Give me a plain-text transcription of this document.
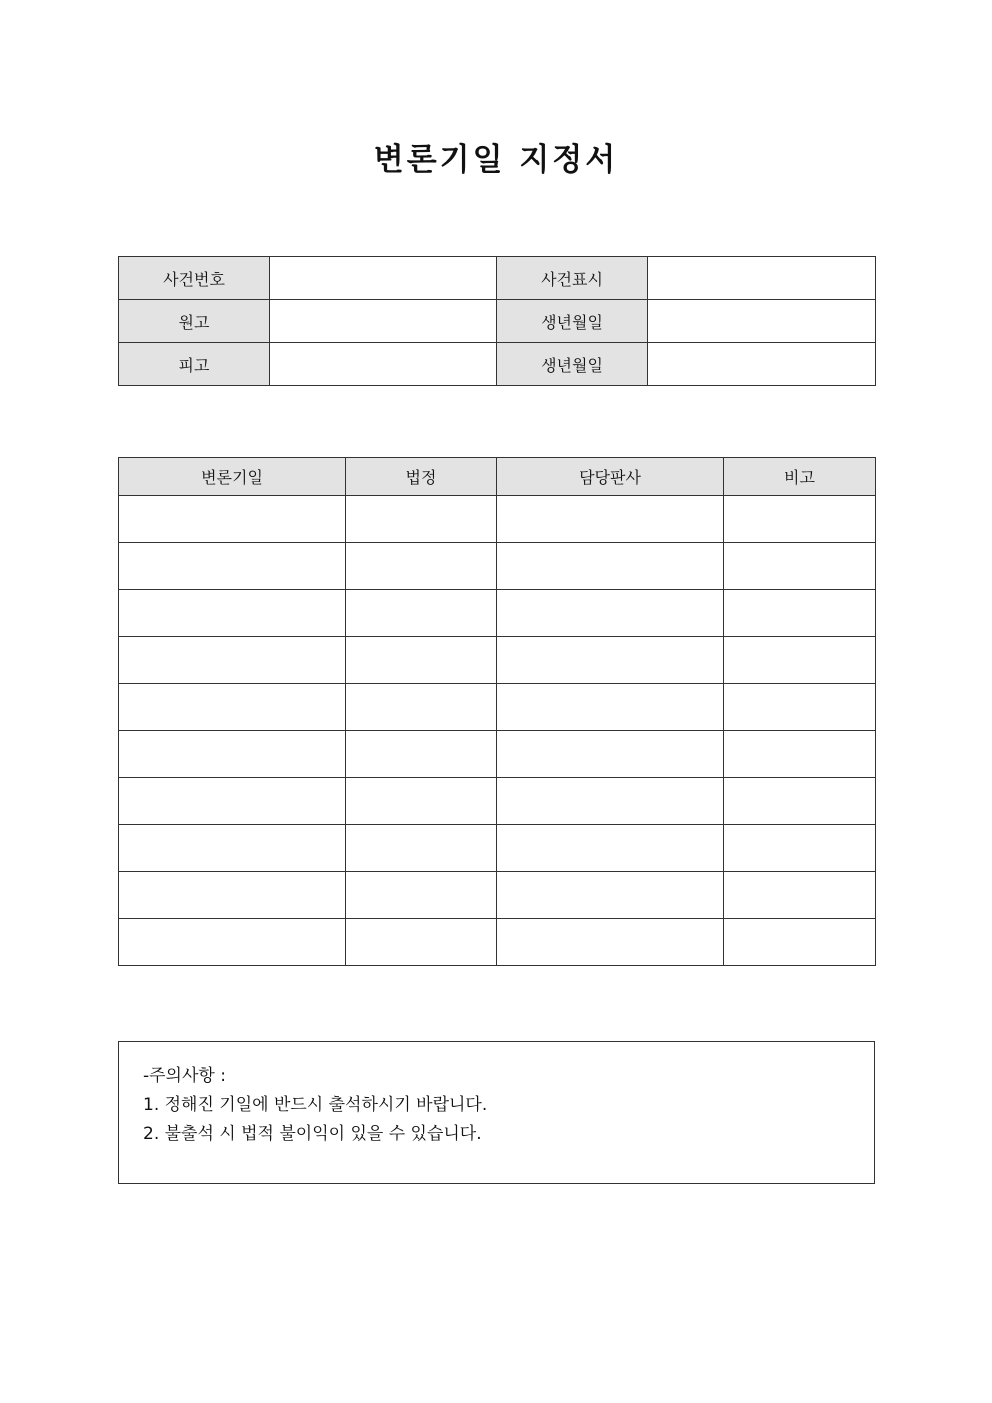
변론기일 지정서
사건번호		사건표시	
원고		생년월일	
피고		생년월일	
변론기일	법정	담당판사	비고

-주의사항 :
1. 정해진 기일에 반드시 출석하시기 바랍니다.
2. 불출석 시 법적 불이익이 있을 수 있습니다.
